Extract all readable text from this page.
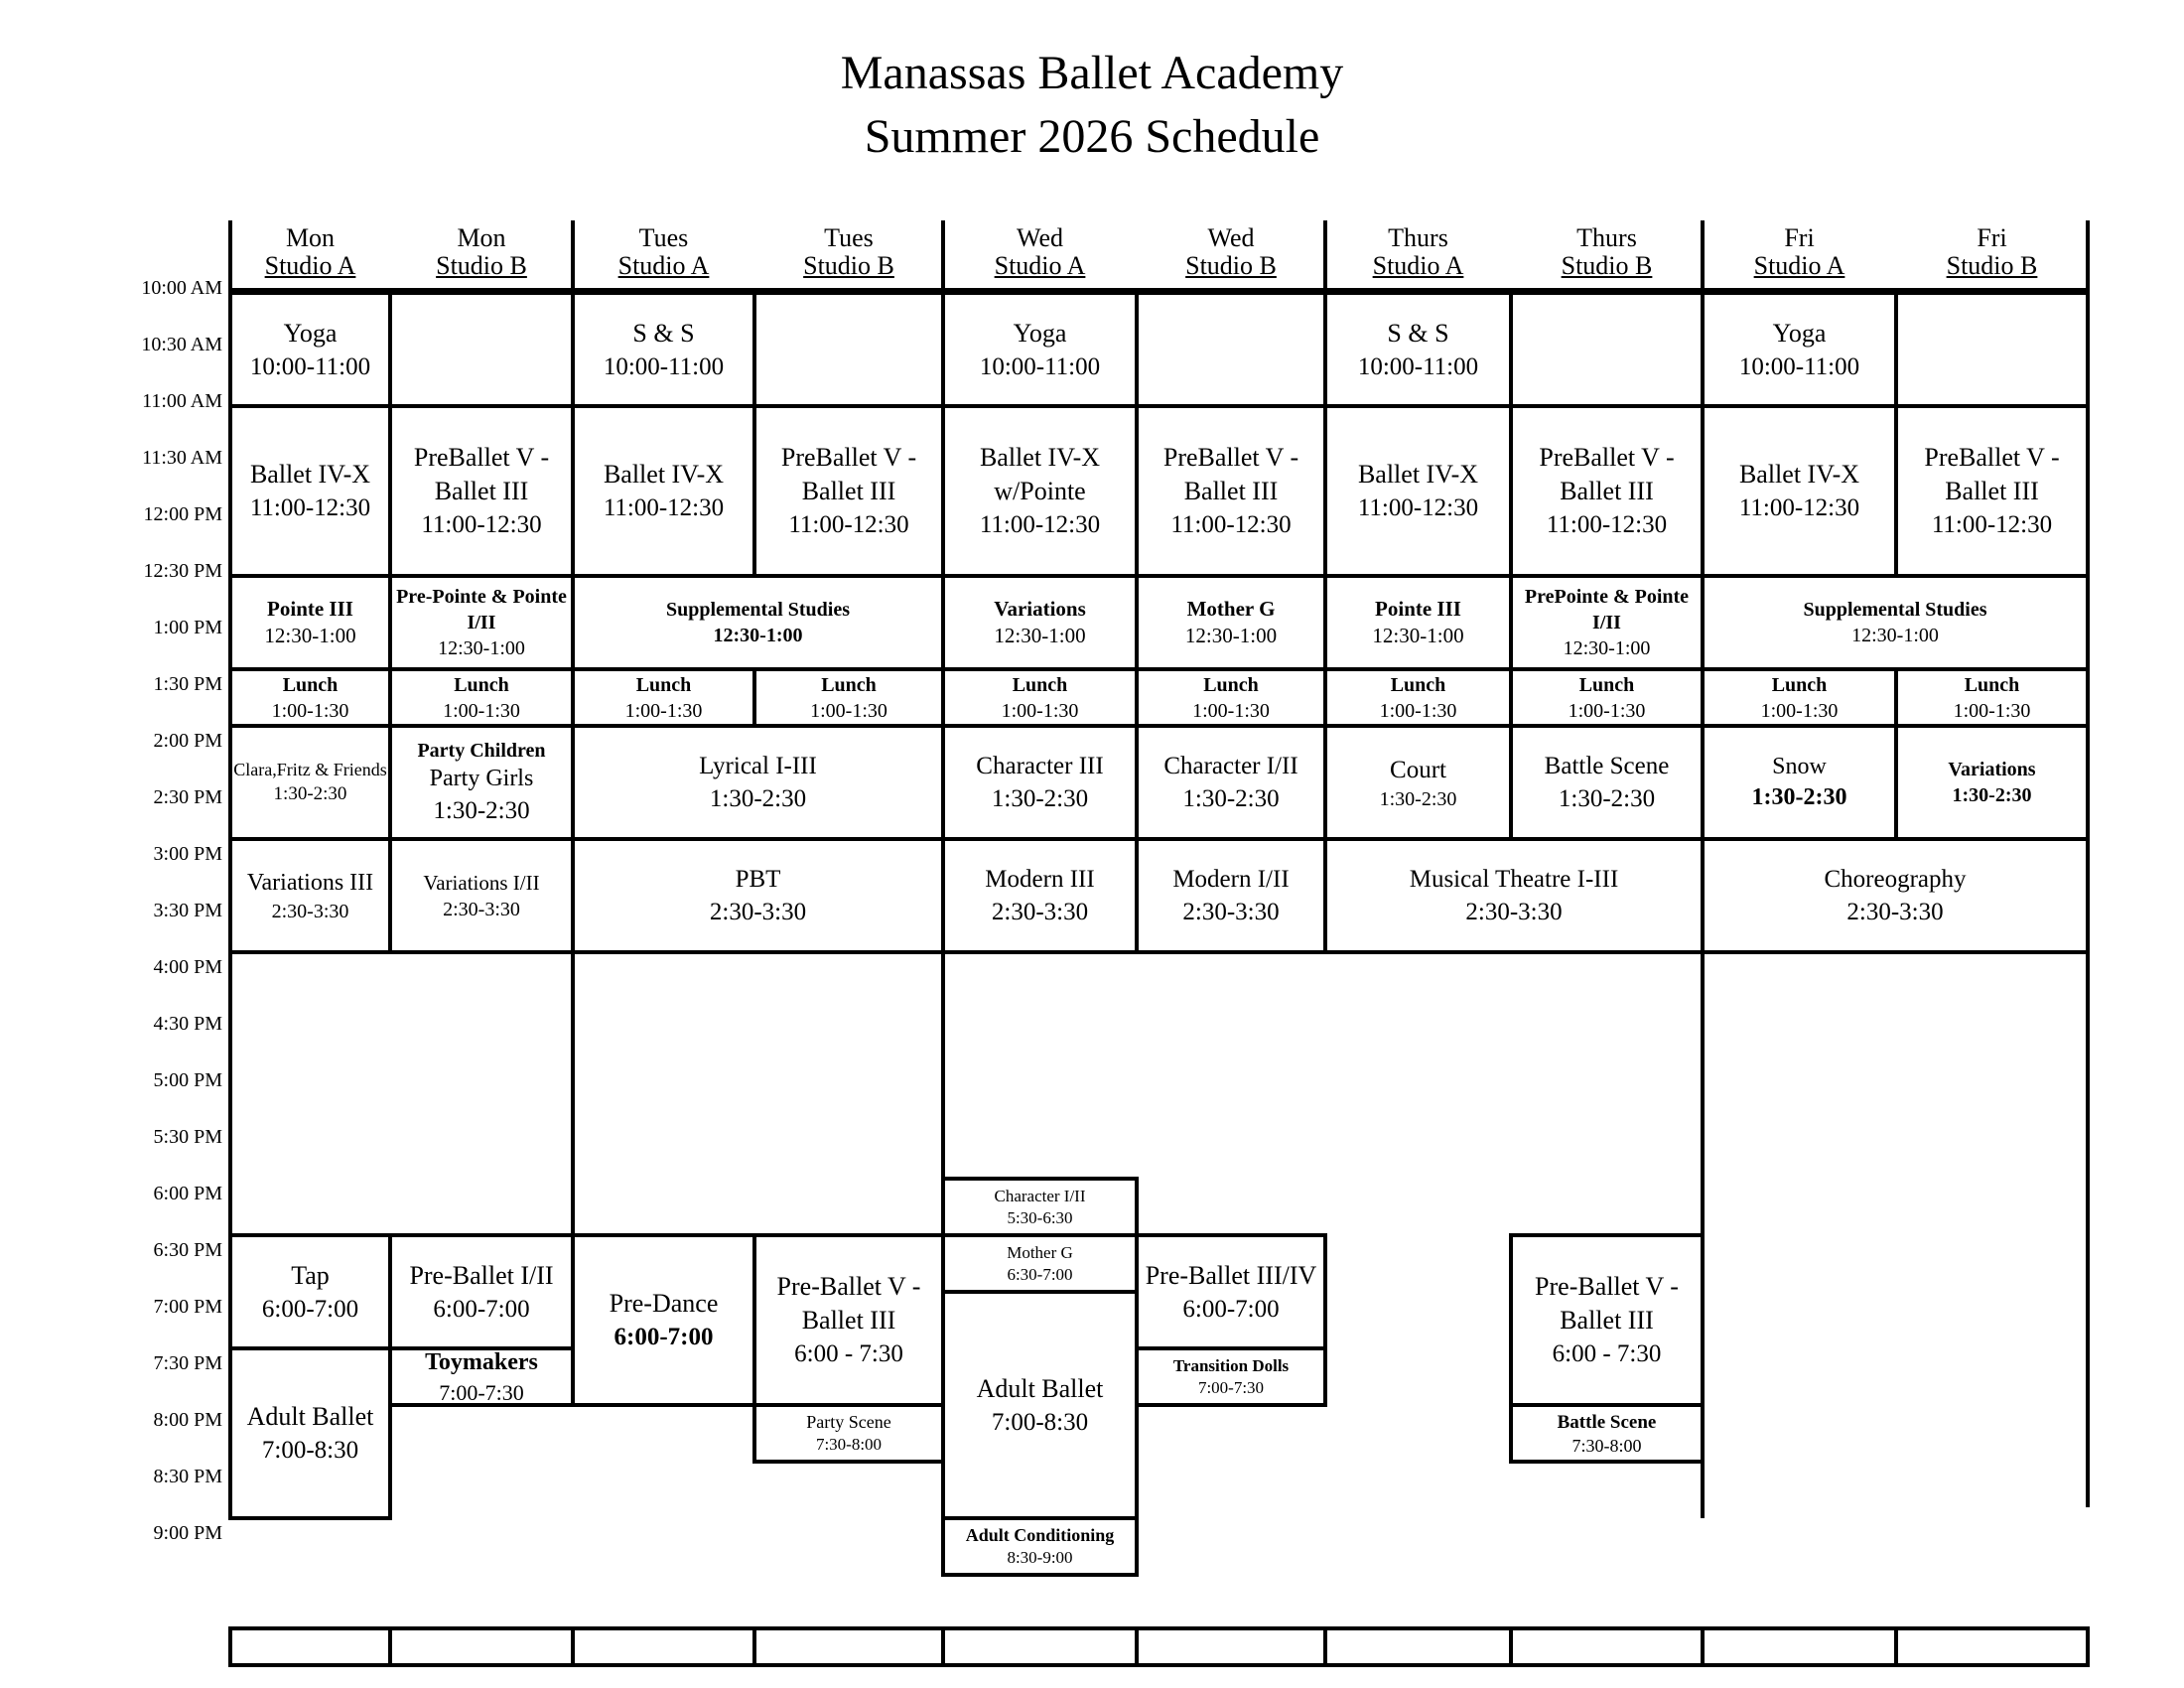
Manassas Ballet Academy
Summer 2026 Schedule
Mon
Studio A
Mon
Studio B
Tues
Studio A
Tues
Studio B
Wed
Studio A
Wed
Studio B
Thurs
Studio A
Thurs
Studio B
Fri
Studio A
Fri
Studio B
10:00 AM
10:30 AM
11:00 AM
11:30 AM
12:00 PM
12:30 PM
1:00 PM
1:30 PM
2:00 PM
2:30 PM
3:00 PM
3:30 PM
4:00 PM
4:30 PM
5:00 PM
5:30 PM
6:00 PM
6:30 PM
7:00 PM
7:30 PM
8:00 PM
8:30 PM
9:00 PM
Yoga
10:00-11:00
S & S
10:00-11:00
Yoga
10:00-11:00
S & S
10:00-11:00
Yoga
10:00-11:00
Ballet IV-X
11:00-12:30
PreBallet V - Ballet III
11:00-12:30
Ballet IV-X
11:00-12:30
PreBallet V - Ballet III
11:00-12:30
Ballet IV-X w/Pointe
11:00-12:30
PreBallet V - Ballet III
11:00-12:30
Ballet IV-X
11:00-12:30
PreBallet V - Ballet III
11:00-12:30
Ballet IV-X
11:00-12:30
PreBallet V - Ballet III
11:00-12:30
Pointe III
12:30-1:00
Pre-Pointe & Pointe I/II
12:30-1:00
Supplemental Studies
12:30-1:00
Variations
12:30-1:00
Mother G
12:30-1:00
Pointe III
12:30-1:00
PrePointe & Pointe I/II
12:30-1:00
Supplemental Studies
12:30-1:00
Lunch
1:00-1:30
Lunch
1:00-1:30
Lunch
1:00-1:30
Lunch
1:00-1:30
Lunch
1:00-1:30
Lunch
1:00-1:30
Lunch
1:00-1:30
Lunch
1:00-1:30
Lunch
1:00-1:30
Lunch
1:00-1:30
Clara,Fritz & Friends
1:30-2:30
Party Children
Party Girls
1:30-2:30
Lyrical I-III
1:30-2:30
Character III
1:30-2:30
Character I/II
1:30-2:30
Court
1:30-2:30
Battle Scene
1:30-2:30
Snow
1:30-2:30
Variations
1:30-2:30
Variations III
2:30-3:30
Variations I/II
2:30-3:30
PBT
2:30-3:30
Modern III
2:30-3:30
Modern I/II
2:30-3:30
Musical Theatre I-III
2:30-3:30
Choreography
2:30-3:30
Tap
6:00-7:00
Pre-Ballet I/II
6:00-7:00
Toymakers
7:00-7:30
Pre-Dance
6:00-7:00
Pre-Ballet V -Ballet III
6:00 - 7:30
Party Scene
7:30-8:00
Character I/II
5:30-6:30
Mother G
6:30-7:00
Adult Ballet
7:00-8:30
Adult Conditioning
8:30-9:00
Pre-Ballet III/IV
6:00-7:00
Transition Dolls
7:00-7:30
Pre-Ballet V -Ballet III
6:00 - 7:30
Battle Scene
7:30-8:00
Adult Ballet
7:00-8:30
